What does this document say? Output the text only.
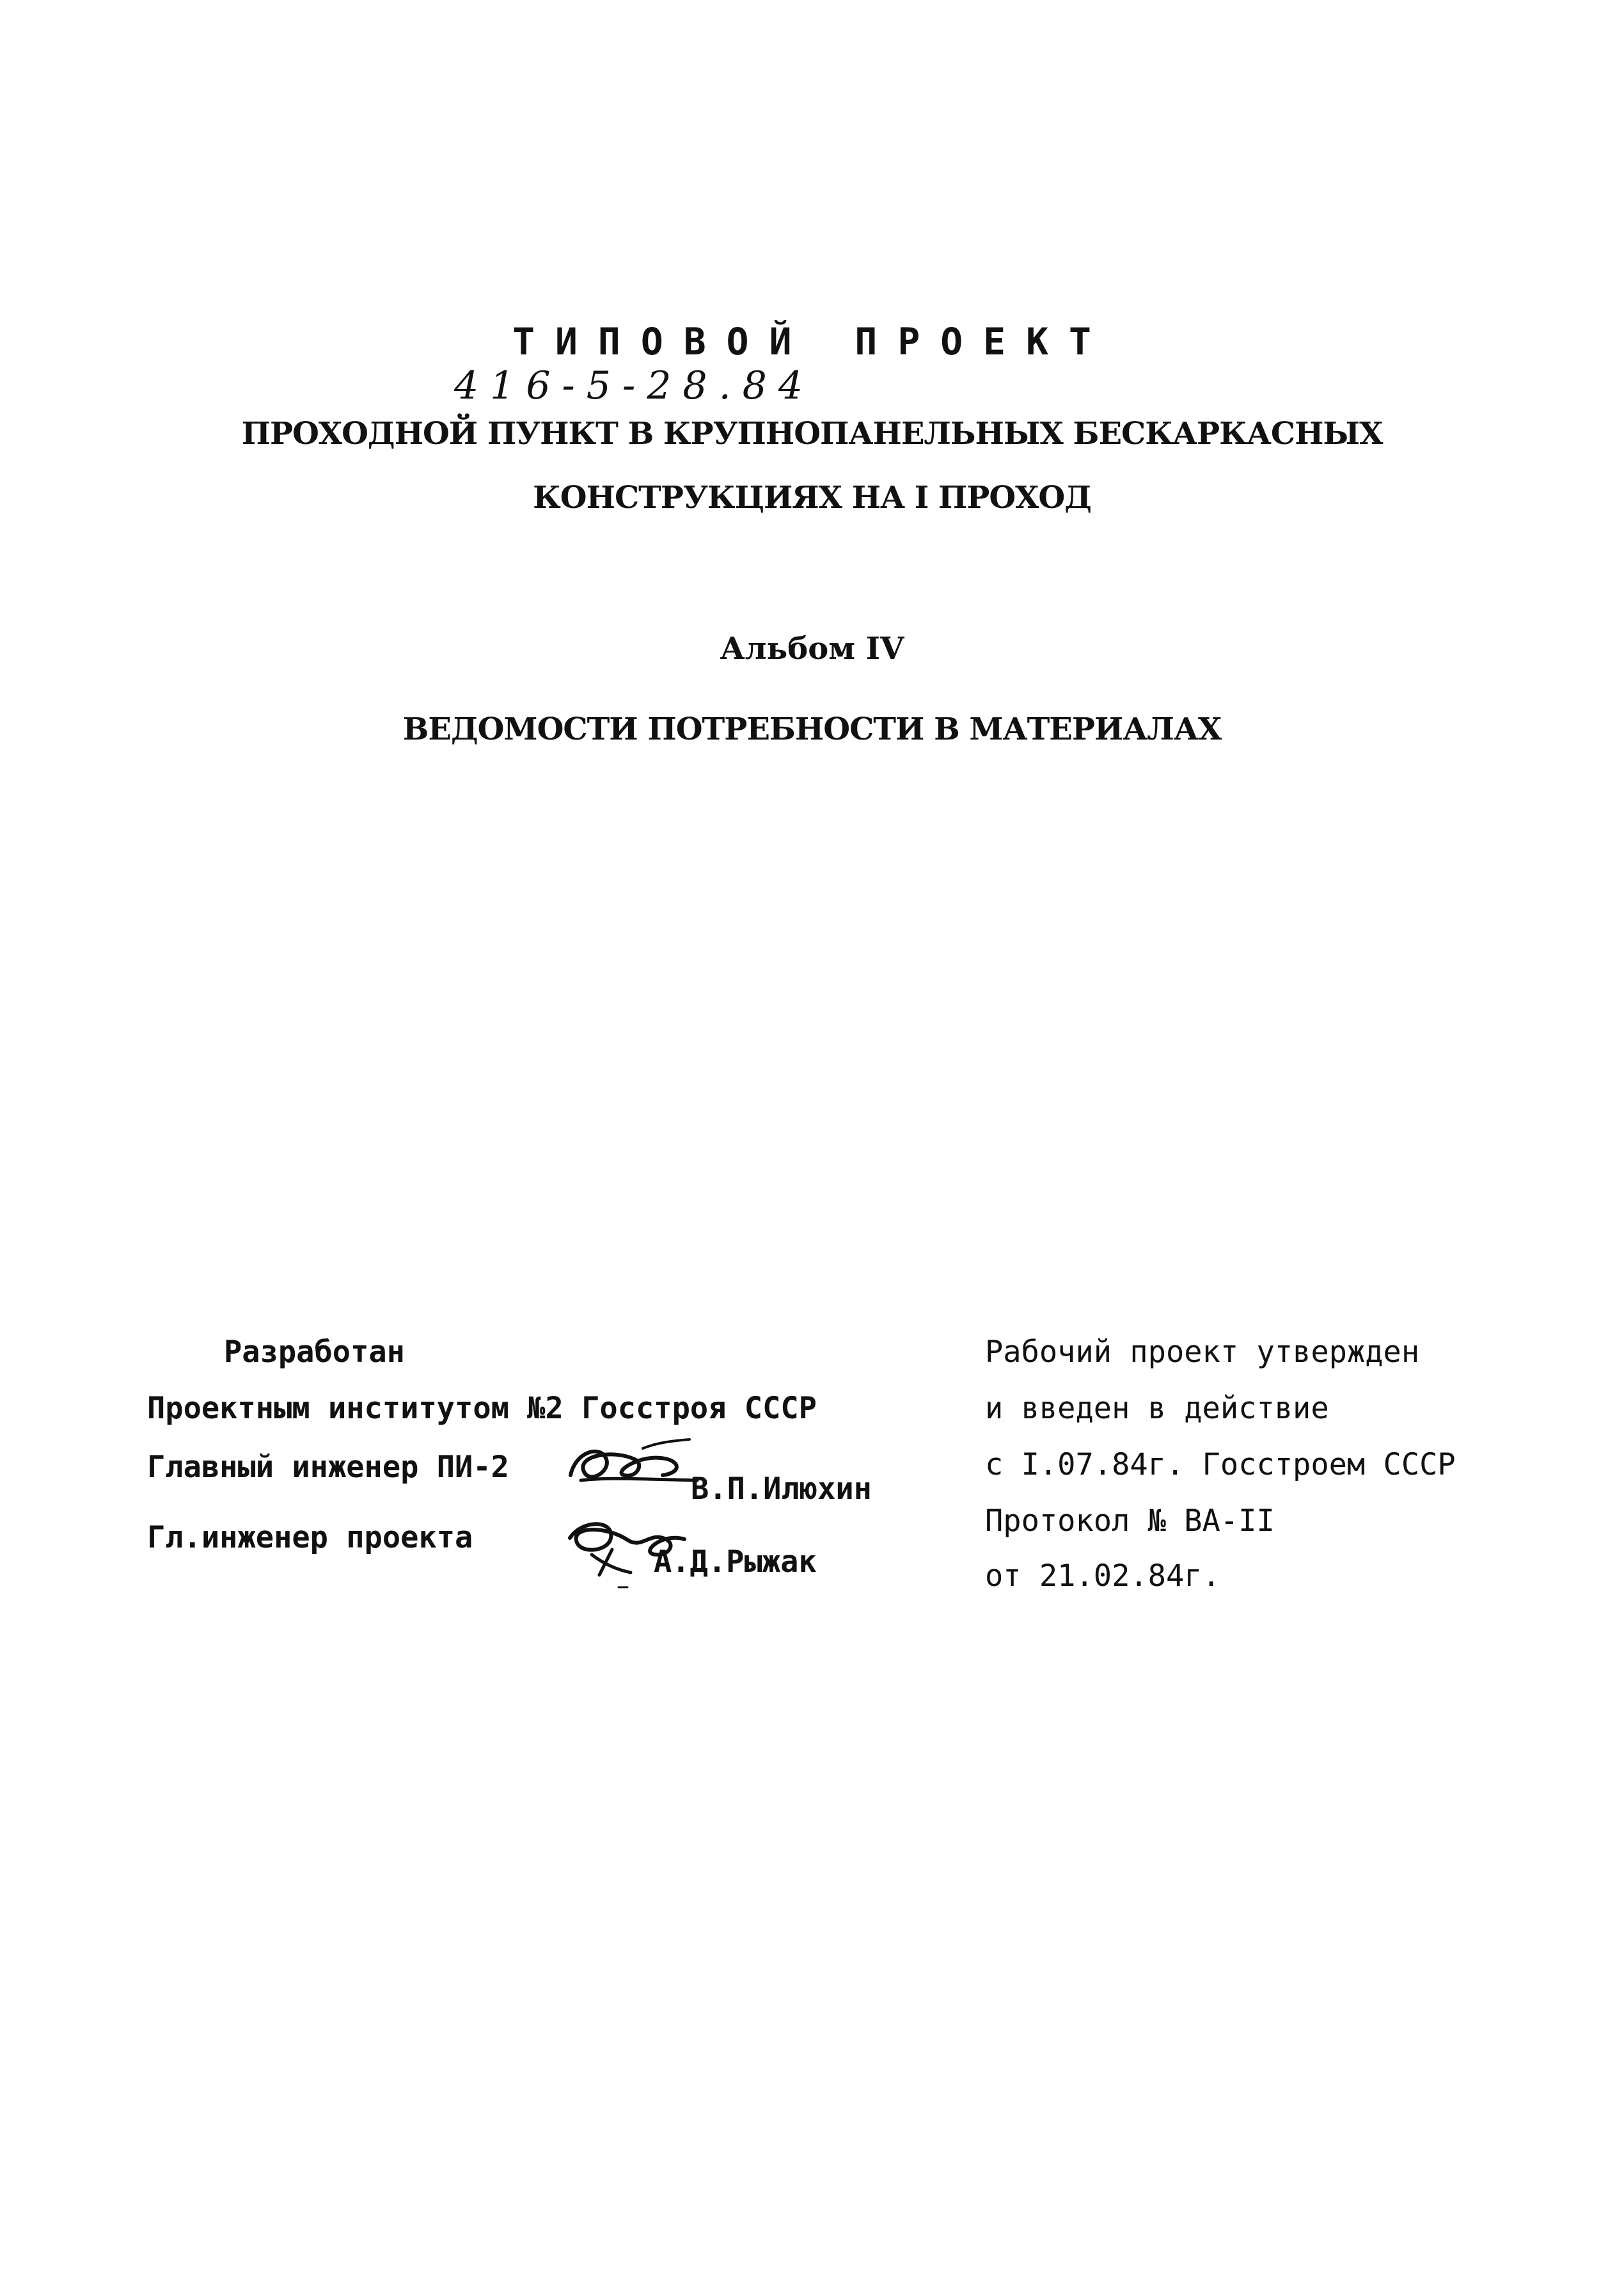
ТИПОВОЙ ПРОЕКТ
416-5-28.84
ПРОХОДНОЙ ПУНКТ В КРУПНОПАНЕЛЬНЫХ БЕСКАРКАСНЫХ
КОНСТРУКЦИЯХ НА I ПРОХОД
Альбом IV
ВЕДОМОСТИ ПОТРЕБНОСТИ В МАТЕРИАЛАХ
Разработан
Проектным институтом №2 Госстроя СССР
Главный инженер ПИ-2
В.П.Илюхин
Гл.инженер проекта
А.Д.Рыжак
Рабочий проект утвержден
и введен в действие
с I.07.84г. Госстроем СССР
Протокол № ВА-II
от 21.02.84г.
